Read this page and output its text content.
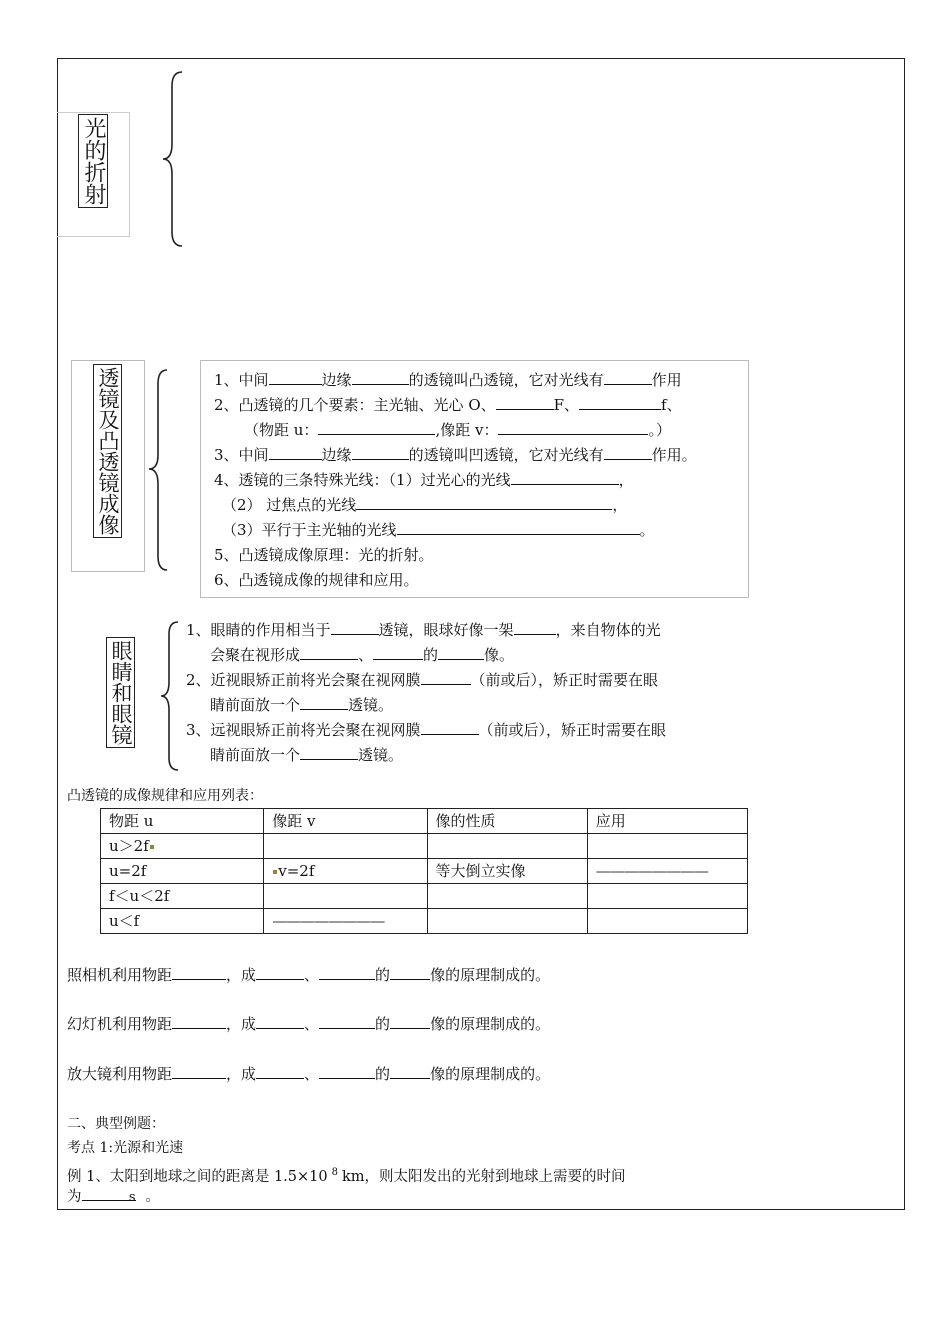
光的折射
透镜及凸透镜成像	1、中间	边缘	的透镜叫凸透镜，它对光线有	作用
2、凸透镜的几个要素：主光轴、光心 O、	F、	f、
（物距 u：	,像距 v：	。）
3、中间	边缘	的透镜叫凹透镜，它对光线有	作用。
4、透镜的三条特殊光线：（1）过光心的光线	，
（2） 过焦点的光线	，
（3）平行于主光轴的光线	。
5、凸透镜成像原理：光的折射。
6、凸透镜成像的规律和应用。
眼睛和眼镜
1、眼睛的作用相当于	透镜，眼球好像一架	，来自物体的光
会聚在视形成	、	的	像。
2、近视眼矫正前将光会聚在视网膜	（前或后），矫正时需要在眼
睛前面放一个	透镜。
3、远视眼矫正前将光会聚在视网膜	（前或后），矫正时需要在眼
睛前面放一个	透镜。
凸透镜的成像规律和应用列表：
物距 u	像距 v	像的性质	应用
u＞2f			
u=2f	v=2f	等大倒立实像	————————
f＜u＜2f			
u＜f	————————		
照相机利用物距	，成	、	的	像的原理制成的。
幻灯机利用物距	，成	、	的	像的原理制成的。
放大镜利用物距	，成	、	的	像的原理制成的。
二、典型例题：
考点 1:光源和光速
例 1、太阳到地球之间的距离是 1.5×10 $^8$ km，则太阳发出的光射到地球上需要的时间
为	s 。
